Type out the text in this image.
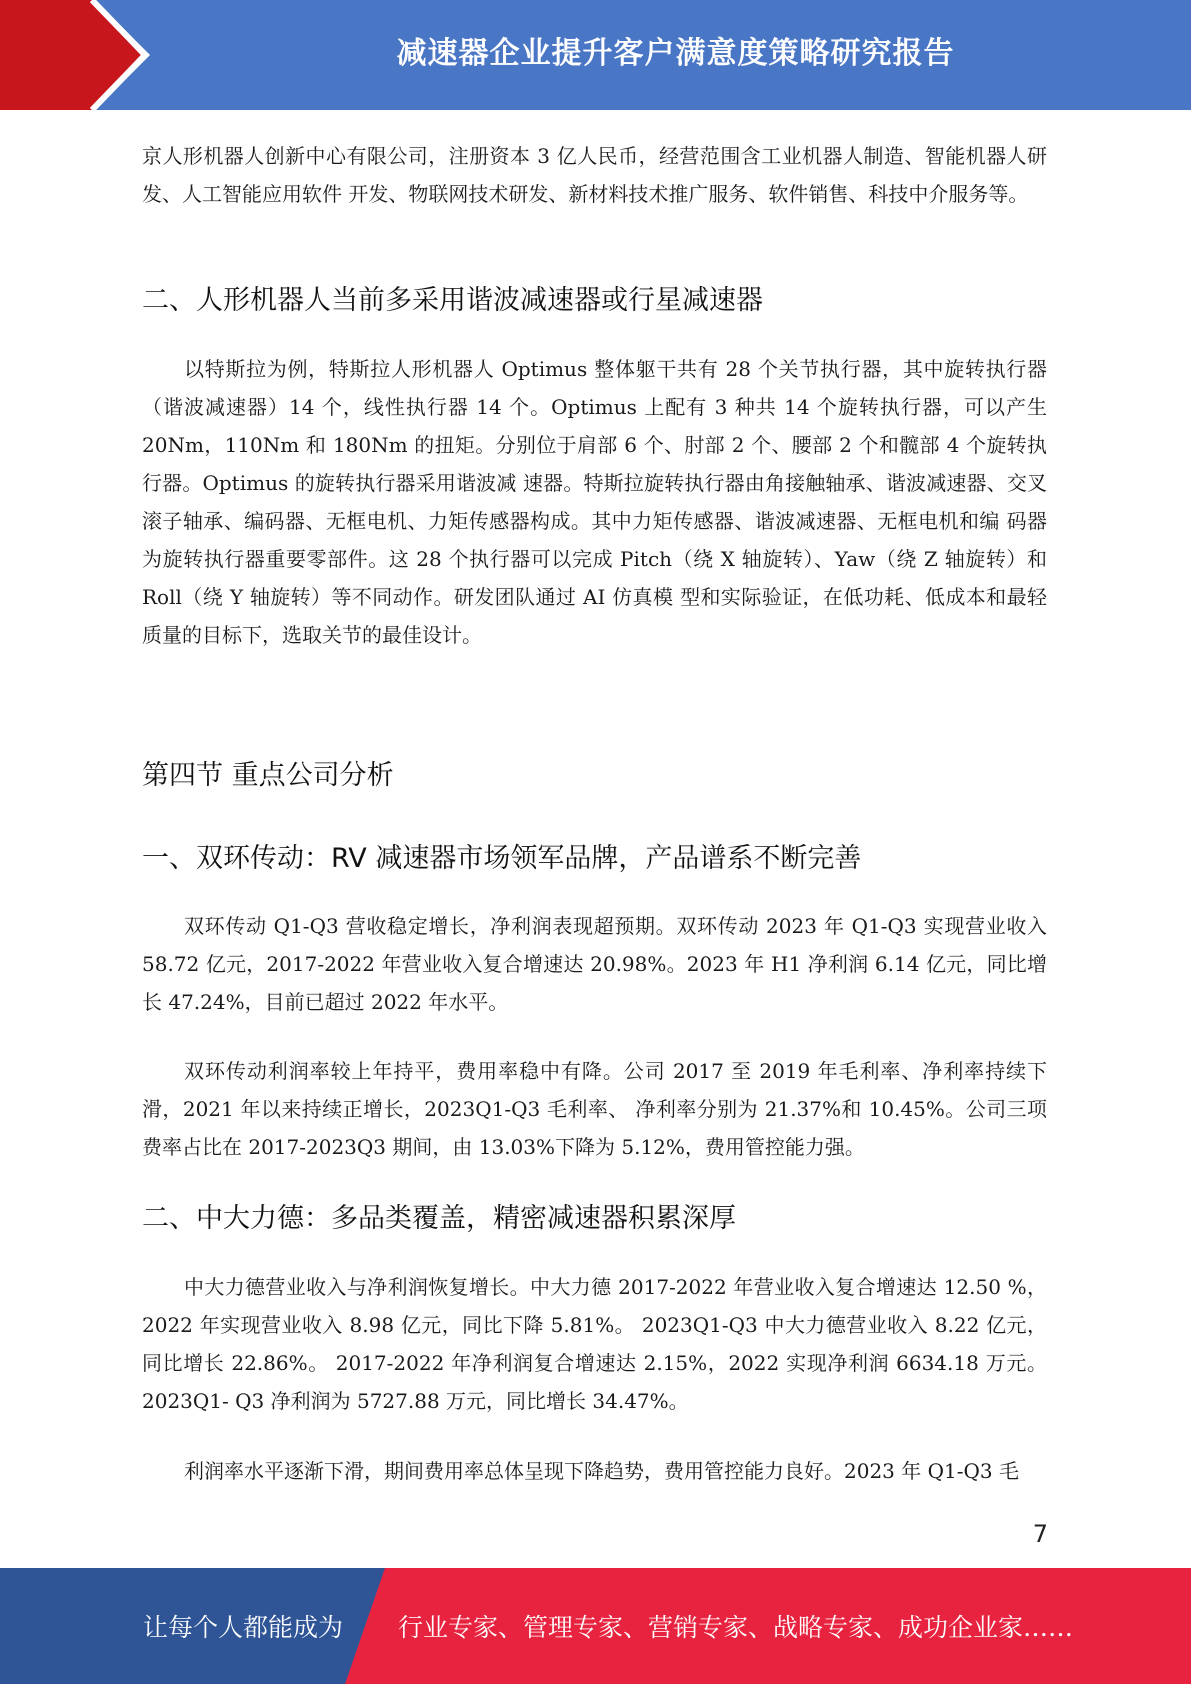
减速器企业提升客户满意度策略研究报告

京人形机器人创新中心有限公司，注册资本 3 亿人民币，经营范围含工业机器人制造、智能机器人研发、人工智能应用软件 开发、物联网技术研发、新材料技术推广服务、软件销售、科技中介服务等。

二、人形机器人当前多采用谐波减速器或行星减速器

以特斯拉为例，特斯拉人形机器人 Optimus 整体躯干共有 28 个关节执行器，其中旋转执行器（谐波减速器）14 个，线性执行器 14 个。Optimus 上配有 3 种共 14 个旋转执行器，可以产生 20Nm，110Nm 和 180Nm 的扭矩。分别位于肩部 6 个、肘部 2 个、腰部 2 个和髋部 4 个旋转执行器。Optimus 的旋转执行器采用谐波减 速器。特斯拉旋转执行器由角接触轴承、谐波减速器、交叉滚子轴承、编码器、无框电机、力矩传感器构成。其中力矩传感器、谐波减速器、无框电机和编 码器为旋转执行器重要零部件。这 28 个执行器可以完成 Pitch（绕 X 轴旋转）、Yaw（绕 Z 轴旋转）和 Roll（绕 Y 轴旋转）等不同动作。研发团队通过 AI 仿真模 型和实际验证，在低功耗、低成本和最轻质量的目标下，选取关节的最佳设计。

第四节 重点公司分析
一、双环传动：RV 减速器市场领军品牌，产品谱系不断完善

双环传动 Q1-Q3 营收稳定增长，净利润表现超预期。双环传动 2023 年 Q1-Q3 实现营业收入 58.72 亿元，2017-2022 年营业收入复合增速达 20.98%。2023 年 H1 净利润 6.14 亿元，同比增长 47.24%，目前已超过 2022 年水平。

双环传动利润率较上年持平，费用率稳中有降。公司 2017 至 2019 年毛利率、净利率持续下滑，2021 年以来持续正增长，2023Q1-Q3 毛利率、 净利率分别为 21.37%和 10.45%。公司三项费率占比在 2017-2023Q3 期间，由 13.03%下降为 5.12%，费用管控能力强。

二、中大力德：多品类覆盖，精密减速器积累深厚

中大力德营业收入与净利润恢复增长。中大力德 2017-2022 年营业收入复合增速达 12.50 %，2022 年实现营业收入 8.98 亿元，同比下降 5.81%。 2023Q1-Q3 中大力德营业收入 8.22 亿元，同比增长 22.86%。 2017-2022 年净利润复合增速达 2.15%，2022 实现净利润 6634.18 万元。2023Q1- Q3 净利润为 5727.88 万元，同比增长 34.47%。

利润率水平逐渐下滑，期间费用率总体呈现下降趋势，费用管控能力良好。2023 年 Q1-Q3 毛

7
让每个人都能成为 行业专家、管理专家、营销专家、战略专家、成功企业家……
